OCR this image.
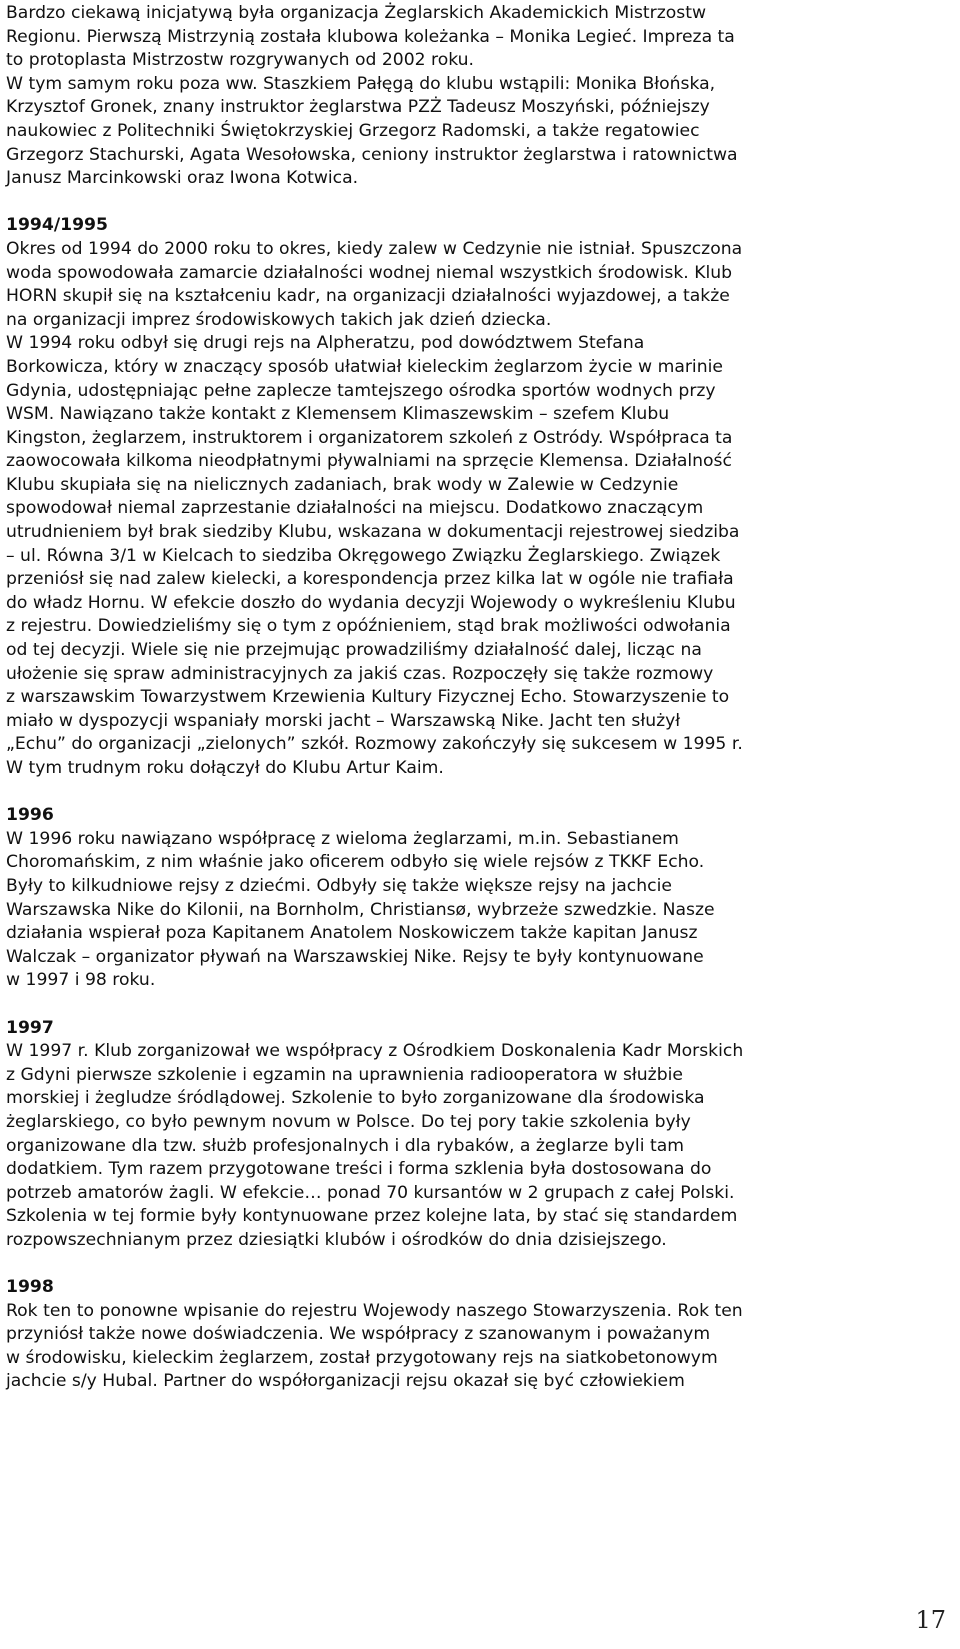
Bardzo ciekawą inicjatywą była organizacja Żeglarskich Akademickich Mistrzostw
Regionu. Pierwszą Mistrzynią została klubowa koleżanka – Monika Legieć. Impreza ta
to protoplasta Mistrzostw rozgrywanych od 2002 roku.

W tym samym roku poza ww. Staszkiem Pałęgą do klubu wstąpili: Monika Błońska,
Krzysztof Gronek, znany instruktor żeglarstwa PZŻ Tadeusz Moszyński, późniejszy
naukowiec z Politechniki Świętokrzyskiej Grzegorz Radomski, a także regatowiec
Grzegorz Stachurski, Agata Wesołowska, ceniony instruktor żeglarstwa i ratownictwa
Janusz Marcinkowski oraz Iwona Kotwica.

1994/1995

Okres od 1994 do 2000 roku to okres, kiedy zalew w Cedzynie nie istniał. Spuszczona
woda spowodowała zamarcie działalności wodnej niemal wszystkich środowisk. Klub
HORN skupił się na kształceniu kadr, na organizacji działalności wyjazdowej, a także
na organizacji imprez środowiskowych takich jak dzień dziecka.

W 1994 roku odbył się drugi rejs na Alpheratzu, pod dowództwem Stefana
Borkowicza, który w znaczący sposób ułatwiał kieleckim żeglarzom życie w marinie
Gdynia, udostępniając pełne zaplecze tamtejszego ośrodka sportów wodnych przy
WSM. Nawiązano także kontakt z Klemensem Klimaszewskim – szefem Klubu
Kingston, żeglarzem, instruktorem i organizatorem szkoleń z Ostródy. Współpraca ta
zaowocowała kilkoma nieodpłatnymi pływalniami na sprzęcie Klemensa. Działalność
Klubu skupiała się na nielicznych zadaniach, brak wody w Zalewie w Cedzynie
spowodował niemal zaprzestanie działalności na miejscu. Dodatkowo znaczącym
utrudnieniem był brak siedziby Klubu, wskazana w dokumentacji rejestrowej siedziba
– ul. Równa 3/1 w Kielcach to siedziba Okręgowego Związku Żeglarskiego. Związek
przeniósł się nad zalew kielecki, a korespondencja przez kilka lat w ogóle nie trafiała
do władz Hornu. W efekcie doszło do wydania decyzji Wojewody o wykreśleniu Klubu
z rejestru. Dowiedzieliśmy się o tym z opóźnieniem, stąd brak możliwości odwołania
od tej decyzji. Wiele się nie przejmując prowadziliśmy działalność dalej, licząc na
ułożenie się spraw administracyjnych za jakiś czas. Rozpoczęły się także rozmowy
z warszawskim Towarzystwem Krzewienia Kultury Fizycznej Echo. Stowarzyszenie to
miało w dyspozycji wspaniały morski jacht – Warszawską Nike. Jacht ten służył
„Echu” do organizacji „zielonych” szkół. Rozmowy zakończyły się sukcesem w 1995 r.
W tym trudnym roku dołączył do Klubu Artur Kaim.

1996

W 1996 roku nawiązano współpracę z wieloma żeglarzami, m.in. Sebastianem
Choromańskim, z nim właśnie jako oficerem odbyło się wiele rejsów z TKKF Echo.
Były to kilkudniowe rejsy z dziećmi. Odbyły się także większe rejsy na jachcie
Warszawska Nike do Kilonii, na Bornholm, Christiansø, wybrzeże szwedzkie. Nasze
działania wspierał poza Kapitanem Anatolem Noskowiczem także kapitan Janusz
Walczak – organizator pływań na Warszawskiej Nike. Rejsy te były kontynuowane
w 1997 i 98 roku.

1997

W 1997 r. Klub zorganizował we współpracy z Ośrodkiem Doskonalenia Kadr Morskich
z Gdyni pierwsze szkolenie i egzamin na uprawnienia radiooperatora w służbie
morskiej i żegludze śródlądowej. Szkolenie to było zorganizowane dla środowiska
żeglarskiego, co było pewnym novum w Polsce. Do tej pory takie szkolenia były
organizowane dla tzw. służb profesjonalnych i dla rybaków, a żeglarze byli tam
dodatkiem. Tym razem przygotowane treści i forma szklenia była dostosowana do
potrzeb amatorów żagli. W efekcie… ponad 70 kursantów w 2 grupach z całej Polski.
Szkolenia w tej formie były kontynuowane przez kolejne lata, by stać się standardem
rozpowszechnianym przez dziesiątki klubów i ośrodków do dnia dzisiejszego.

1998

Rok ten to ponowne wpisanie do rejestru Wojewody naszego Stowarzyszenia. Rok ten
przyniósł także nowe doświadczenia. We współpracy z szanowanym i poważanym
w środowisku, kieleckim żeglarzem, został przygotowany rejs na siatkobetonowym
jachcie s/y Hubal. Partner do współorganizacji rejsu okazał się być człowiekiem

17
